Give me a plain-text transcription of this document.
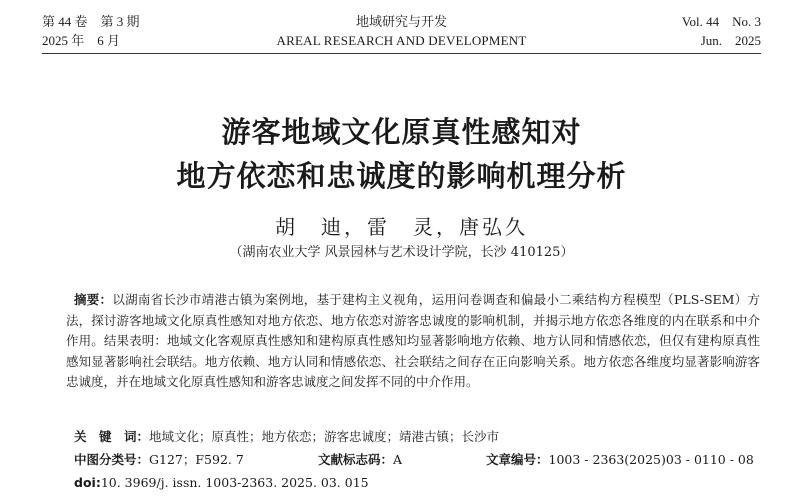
第 44 卷　第 3 期
2025 年　6 月
地域研究与开发
AREAL RESEARCH AND DEVELOPMENT
Vol. 44　No. 3
Jun.　2025
游客地域文化原真性感知对
地方依恋和忠诚度的影响机理分析
胡　迪，雷　灵，唐弘久
（湖南农业大学 风景园林与艺术设计学院，长沙 410125）
摘要：以湖南省长沙市靖港古镇为案例地，基于建构主义视角，运用问卷调查和偏最小二乘结构方程模型（PLS-SEM）方法，探讨游客地域文化原真性感知对地方依恋、地方依恋对游客忠诚度的影响机制，并揭示地方依恋各维度的内在联系和中介作用。结果表明：地域文化客观原真性感知和建构原真性感知均显著影响地方依赖、地方认同和情感依恋，但仅有建构原真性感知显著影响社会联结。地方依赖、地方认同和情感依恋、社会联结之间存在正向影响关系。地方依恋各维度均显著影响游客忠诚度，并在地域文化原真性感知和游客忠诚度之间发挥不同的中介作用。
关　键　词：地域文化；原真性；地方依恋；游客忠诚度；靖港古镇；长沙市
中图分类号：G127；F592. 7	文献标志码：A	文章编号：1003 - 2363(2025)03 - 0110 - 08
doi:10. 3969/j. issn. 1003-2363. 2025. 03. 015
